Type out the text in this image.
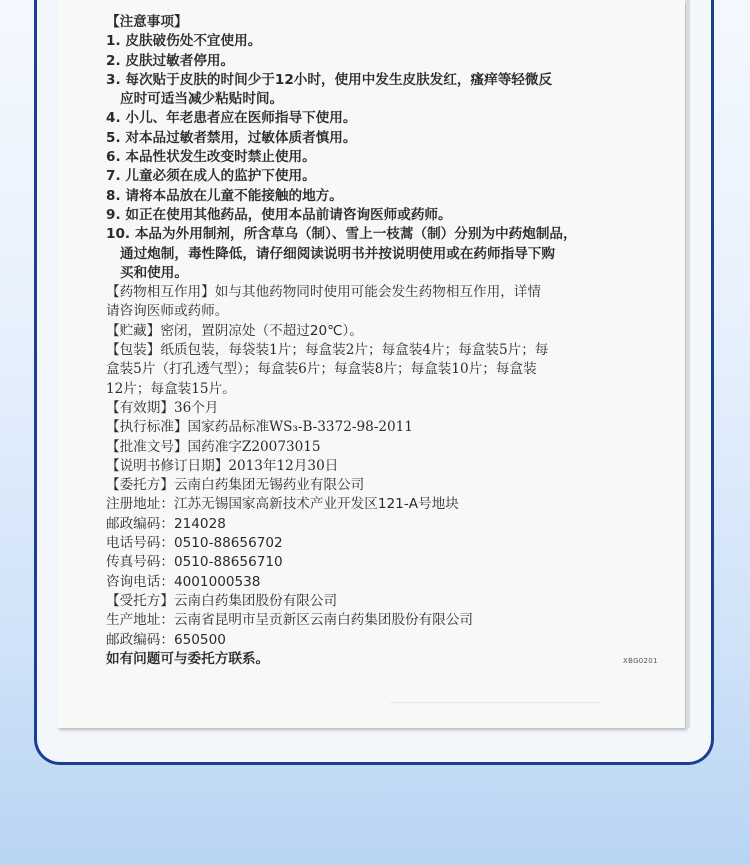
【注意事项】
1. 皮肤破伤处不宜使用。
2. 皮肤过敏者停用。
3. 每次贴于皮肤的时间少于12小时，使用中发生皮肤发红，瘙痒等轻微反
应时可适当减少粘贴时间。
4. 小儿、年老患者应在医师指导下使用。
5. 对本品过敏者禁用，过敏体质者慎用。
6. 本品性状发生改变时禁止使用。
7. 儿童必须在成人的监护下使用。
8. 请将本品放在儿童不能接触的地方。
9. 如正在使用其他药品，使用本品前请咨询医师或药师。
10. 本品为外用制剂，所含草乌（制）、雪上一枝蒿（制）分别为中药炮制品，
通过炮制，毒性降低，请仔细阅读说明书并按说明使用或在药师指导下购
买和使用。
【药物相互作用】如与其他药物同时使用可能会发生药物相互作用，详情
请咨询医师或药师。
【贮藏】密闭，置阴凉处（不超过20℃）。
【包装】纸质包装，每袋装1片；每盒装2片；每盒装4片；每盒装5片；每
盒装5片（打孔透气型）；每盒装6片；每盒装8片；每盒装10片；每盒装
12片；每盒装15片。
【有效期】36个月
【执行标准】国家药品标准WS₃-B-3372-98-2011
【批准文号】国药准字Z20073015
【说明书修订日期】2013年12月30日
【委托方】云南白药集团无锡药业有限公司
注册地址：江苏无锡国家高新技术产业开发区121-A号地块
邮政编码：214028
电话号码：0510-88656702
传真号码：0510-88656710
咨询电话：4001000538
【受托方】云南白药集团股份有限公司
生产地址：云南省昆明市呈贡新区云南白药集团股份有限公司
邮政编码：650500
如有问题可与委托方联系。	XBG0201
